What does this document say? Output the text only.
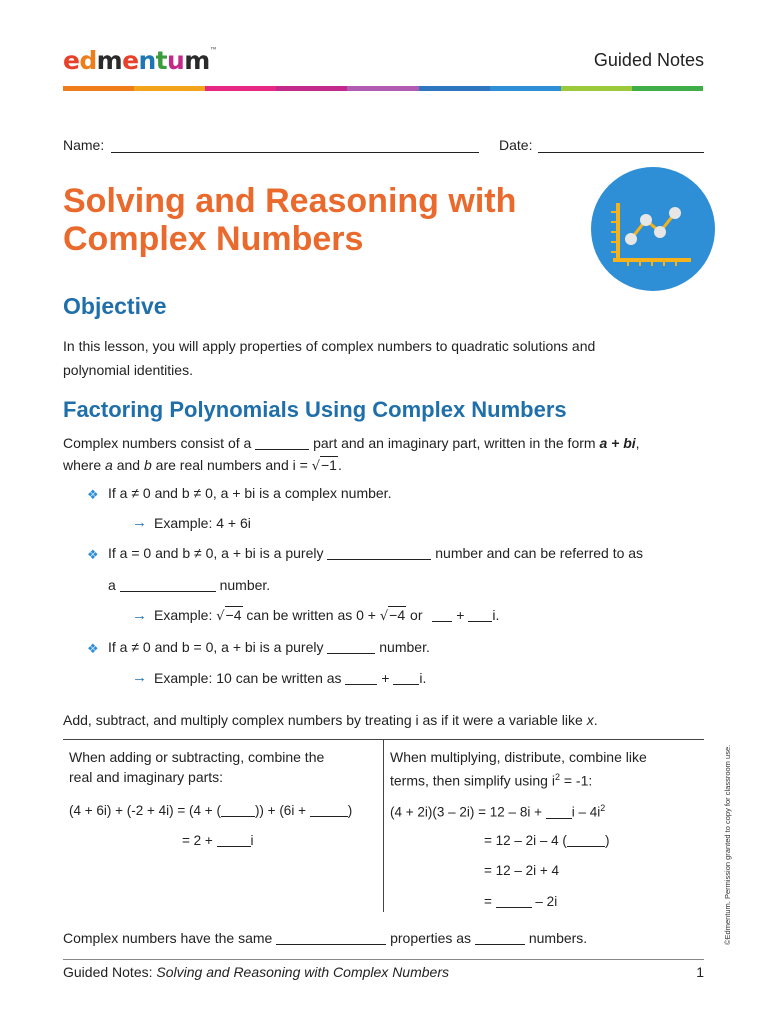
edmentum™	Guided Notes
Name:	Date:
Solving and Reasoning with
Complex Numbers
Objective
In this lesson, you will apply properties of complex numbers to quadratic solutions and
polynomial identities.
Factoring Polynomials Using Complex Numbers
Complex numbers consist of a	part and an imaginary part, written in the form a + bi,
where a and b are real numbers and i = √−1.
❖ If a ≠ 0 and b ≠ 0, a + bi is a complex number.
→ Example: 4 + 6i
❖ If a = 0 and b ≠ 0, a + bi is a purely	number and can be referred to as
a	number.
→ Example: √−4 can be written as 0 + √−4 or + i.
❖ If a ≠ 0 and b = 0, a + bi is a purely	number.
→ Example: 10 can be written as	+ i.
Add, subtract, and multiply complex numbers by treating i as if it were a variable like x.
When adding or subtracting, combine the
real and imaginary parts:
(4 + 6i) + (-2 + 4i) = (4 + (	)) + (6i +	)
= 2 +	i
When multiplying, distribute, combine like
terms, then simplify using $i^2 = -1$:
$(4 + 2i)(3 - 2i) = 12 - 8i + i - 4i^2$
= 12 – 2i – 4 (	)
= 12 – 2i + 4
=	– 2i
Complex numbers have the same	properties as	numbers.
Guided Notes: Solving and Reasoning with Complex Numbers	1
©Edmentum. Permission granted to copy for classroom use.
